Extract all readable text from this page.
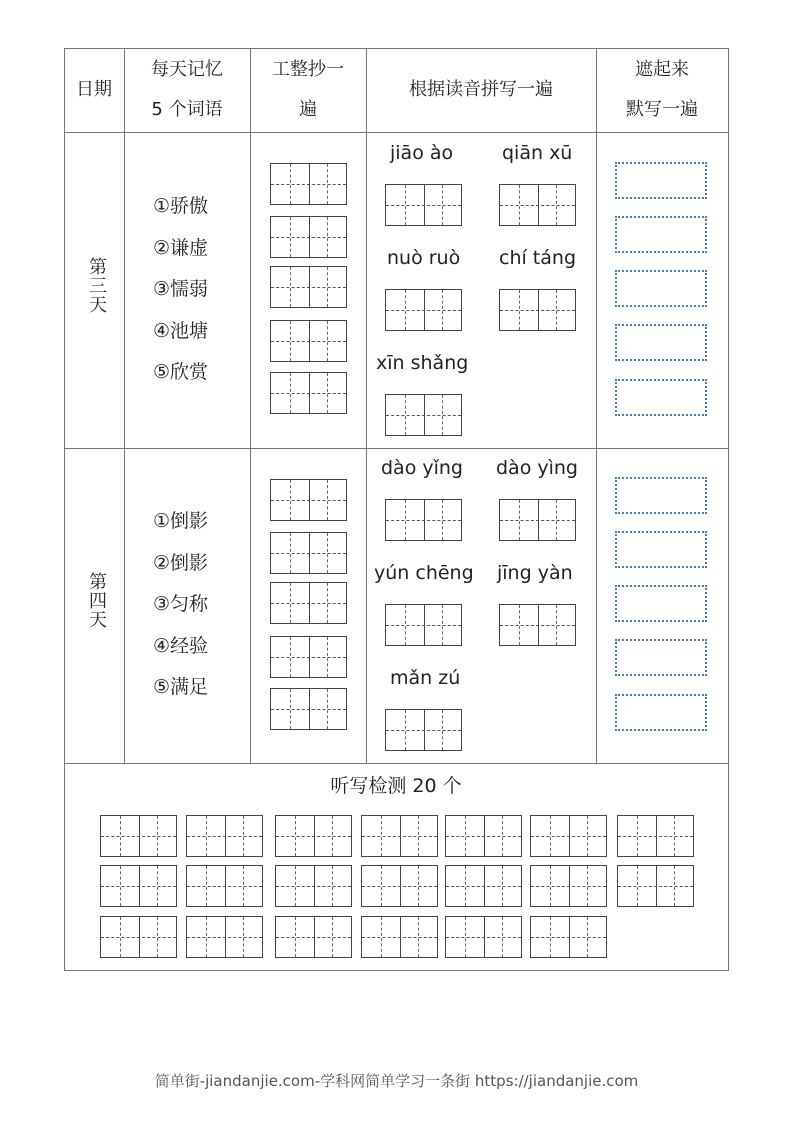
日期
每天记忆
5 个词语
工整抄一
遍
根据读音拼写一遍
遮起来
默写一遍
第三天
①骄傲
②谦虚
③懦弱
④池塘
⑤欣赏
jiāo ào	qiān xū
nuò ruò chí táng
xīn shǎng
第四天
①倒影
②倒影
③匀称
④经验
⑤满足
dào yǐng dào yìng
yún chēng jīng yàn
mǎn zú
听写检测 20 个
简单街-jiandanjie.com-学科网简单学习一条街 https://jiandanjie.com
